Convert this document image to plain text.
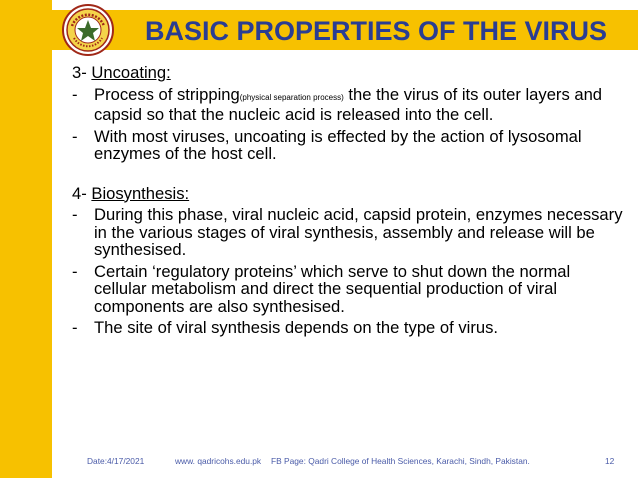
BASIC PROPERTIES OF THE VIRUS
3- Uncoating:
- Process of stripping(physical separation process) the the virus of its outer layers and capsid so that the nucleic acid is released into the cell.
- With most viruses, uncoating is effected by the action of lysosomal enzymes of the host cell.
4- Biosynthesis:
- During this phase, viral nucleic acid, capsid protein, enzymes necessary in the various stages of viral synthesis, assembly and release will be synthesised.
- Certain ‘regulatory proteins’ which serve to shut down the normal cellular metabolism and direct the sequential production of viral components are also synthesised.
- The site of viral synthesis depends on the type of virus.
Date:4/17/2021	www. qadricohs.edu.pk FB Page: Qadri College of Health Sciences, Karachi, Sindh, Pakistan.	12
